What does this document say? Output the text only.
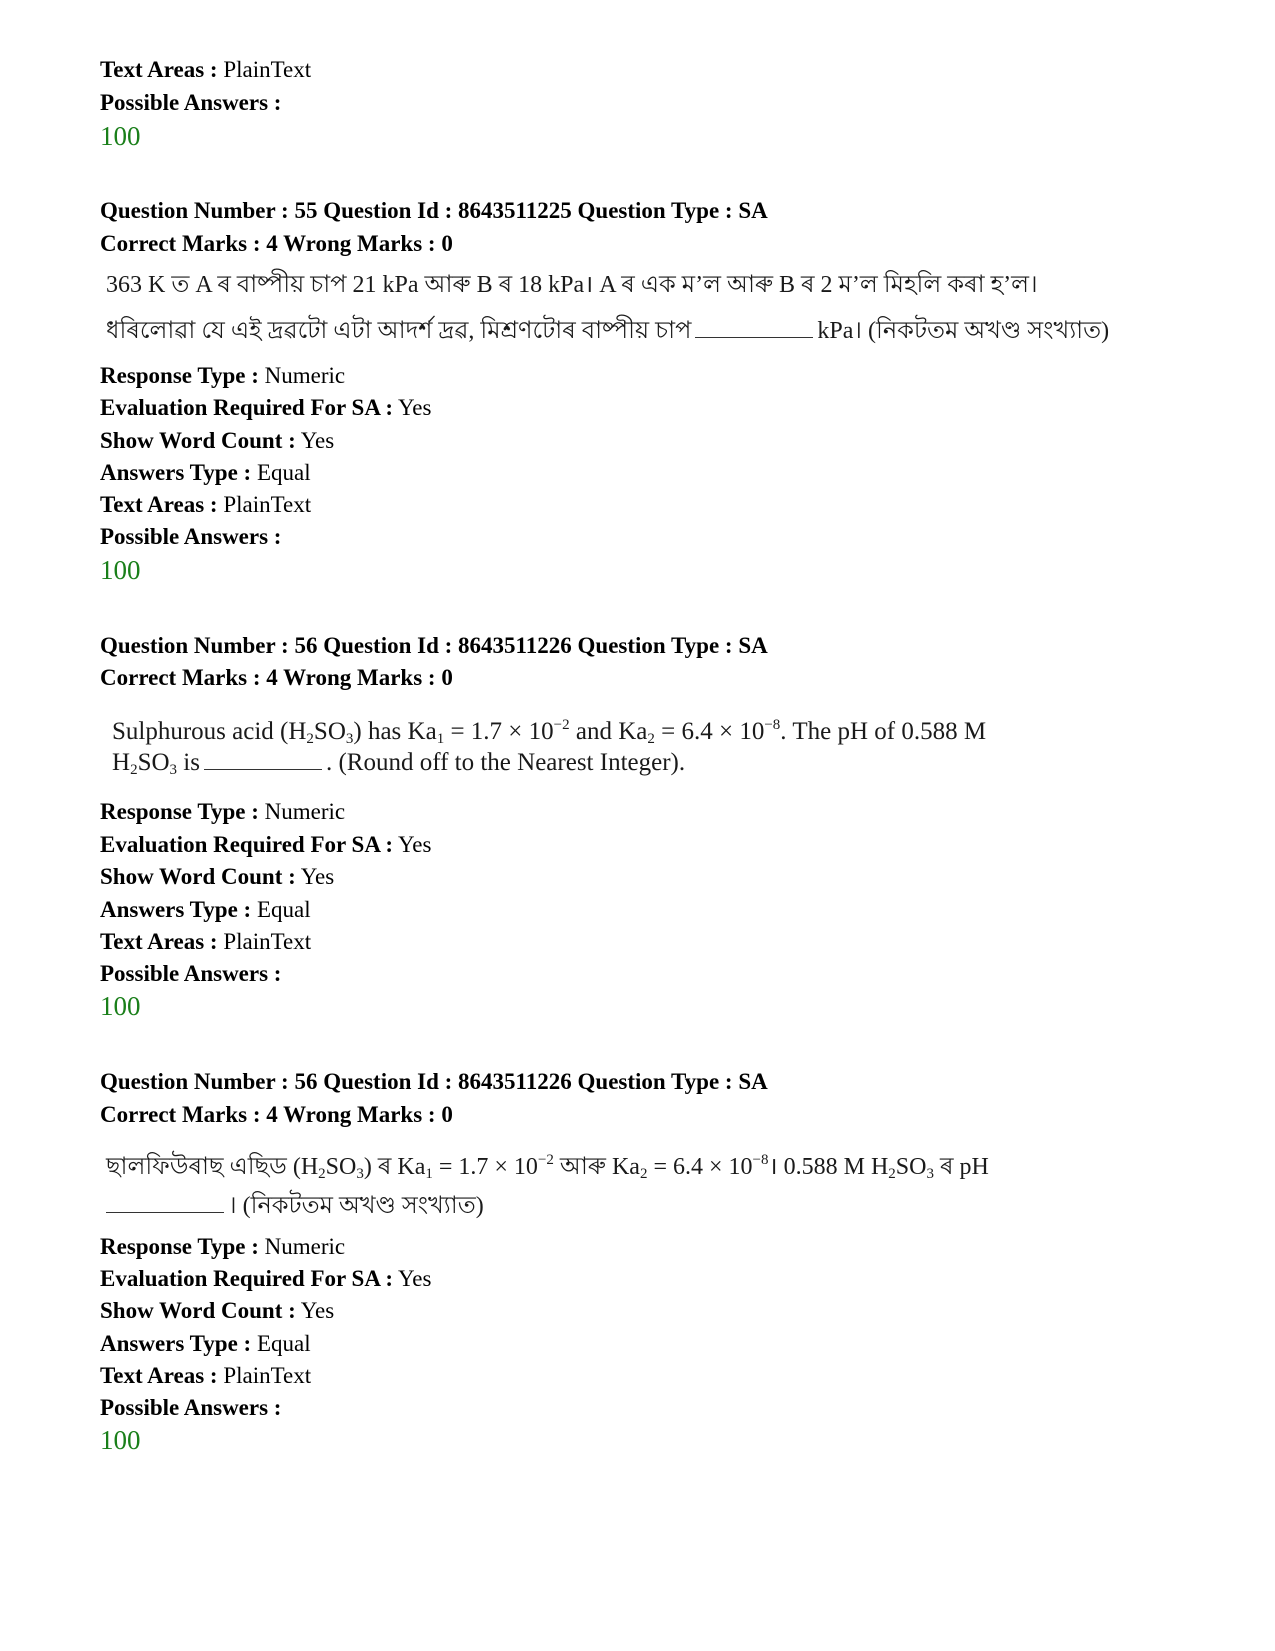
Text Areas : PlainText
Possible Answers :
100
Question Number : 55 Question Id : 8643511225 Question Type : SA
Correct Marks : 4 Wrong Marks : 0
363 K ত A ৰ বাষ্পীয় চাপ 21 kPa আৰু B ৰ 18 kPa। A ৰ এক ম’ল আৰু B ৰ 2 ম’ল মিহলি কৰা হ’ল।
ধৰিলোৱা যে এই দ্ৰৱটো এটা আদৰ্শ দ্ৰৱ, মিশ্ৰণটোৰ বাষ্পীয় চাপ	kPa। (নিকটতম অখণ্ড সংখ্যাত)
Response Type : Numeric
Evaluation Required For SA : Yes
Show Word Count : Yes
Answers Type : Equal
Text Areas : PlainText
Possible Answers :
100
Question Number : 56 Question Id : 8643511226 Question Type : SA
Correct Marks : 4 Wrong Marks : 0
Sulphurous acid $(H_2SO_3)$ has $Ka_1 = 1.7 \times 10^{-2}$ and $Ka_2 = 6.4 \times 10^{-8}$. The pH of 0.588 M
$H_2SO_3$ is	. (Round off to the Nearest Integer).
Response Type : Numeric
Evaluation Required For SA : Yes
Show Word Count : Yes
Answers Type : Equal
Text Areas : PlainText
Possible Answers :
100
Question Number : 56 Question Id : 8643511226 Question Type : SA
Correct Marks : 4 Wrong Marks : 0
ছালফিউৰাছ এছিড $(H_2SO_3)$ ৰ $Ka_1 = 1.7 \times 10^{-2}$ আৰু $Ka_2 = 6.4$ × $10^{-8}।$ 0.588 M $H_2SO_3$ ৰ pH
। (নিকটতম অখণ্ড সংখ্যাত)
Response Type : Numeric
Evaluation Required For SA : Yes
Show Word Count : Yes
Answers Type : Equal
Text Areas : PlainText
Possible Answers :
100
